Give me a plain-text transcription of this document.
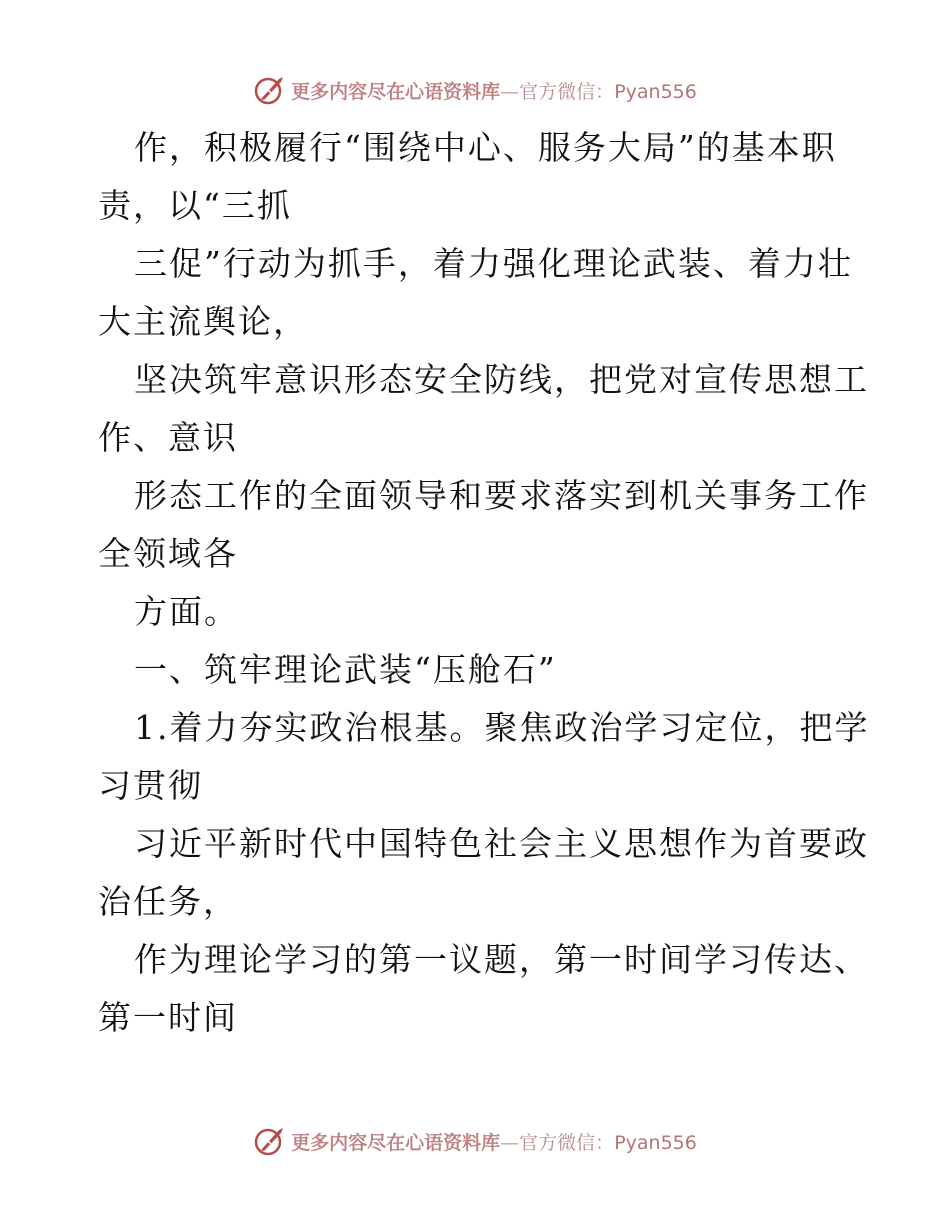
更多内容尽在心语资料库—官方微信：Pyan556
作，积极履行“围绕中心、服务大局”的基本职
责，以“三抓
三促”行动为抓手，着力强化理论武装、着力壮
大主流舆论，
坚决筑牢意识形态安全防线，把党对宣传思想工
作、意识
形态工作的全面领导和要求落实到机关事务工作
全领域各
方面。
一、筑牢理论武装“压舱石”
1.着力夯实政治根基。聚焦政治学习定位，把学
习贯彻
习近平新时代中国特色社会主义思想作为首要政
治任务，
作为理论学习的第一议题，第一时间学习传达、
第一时间
更多内容尽在心语资料库—官方微信：Pyan556
